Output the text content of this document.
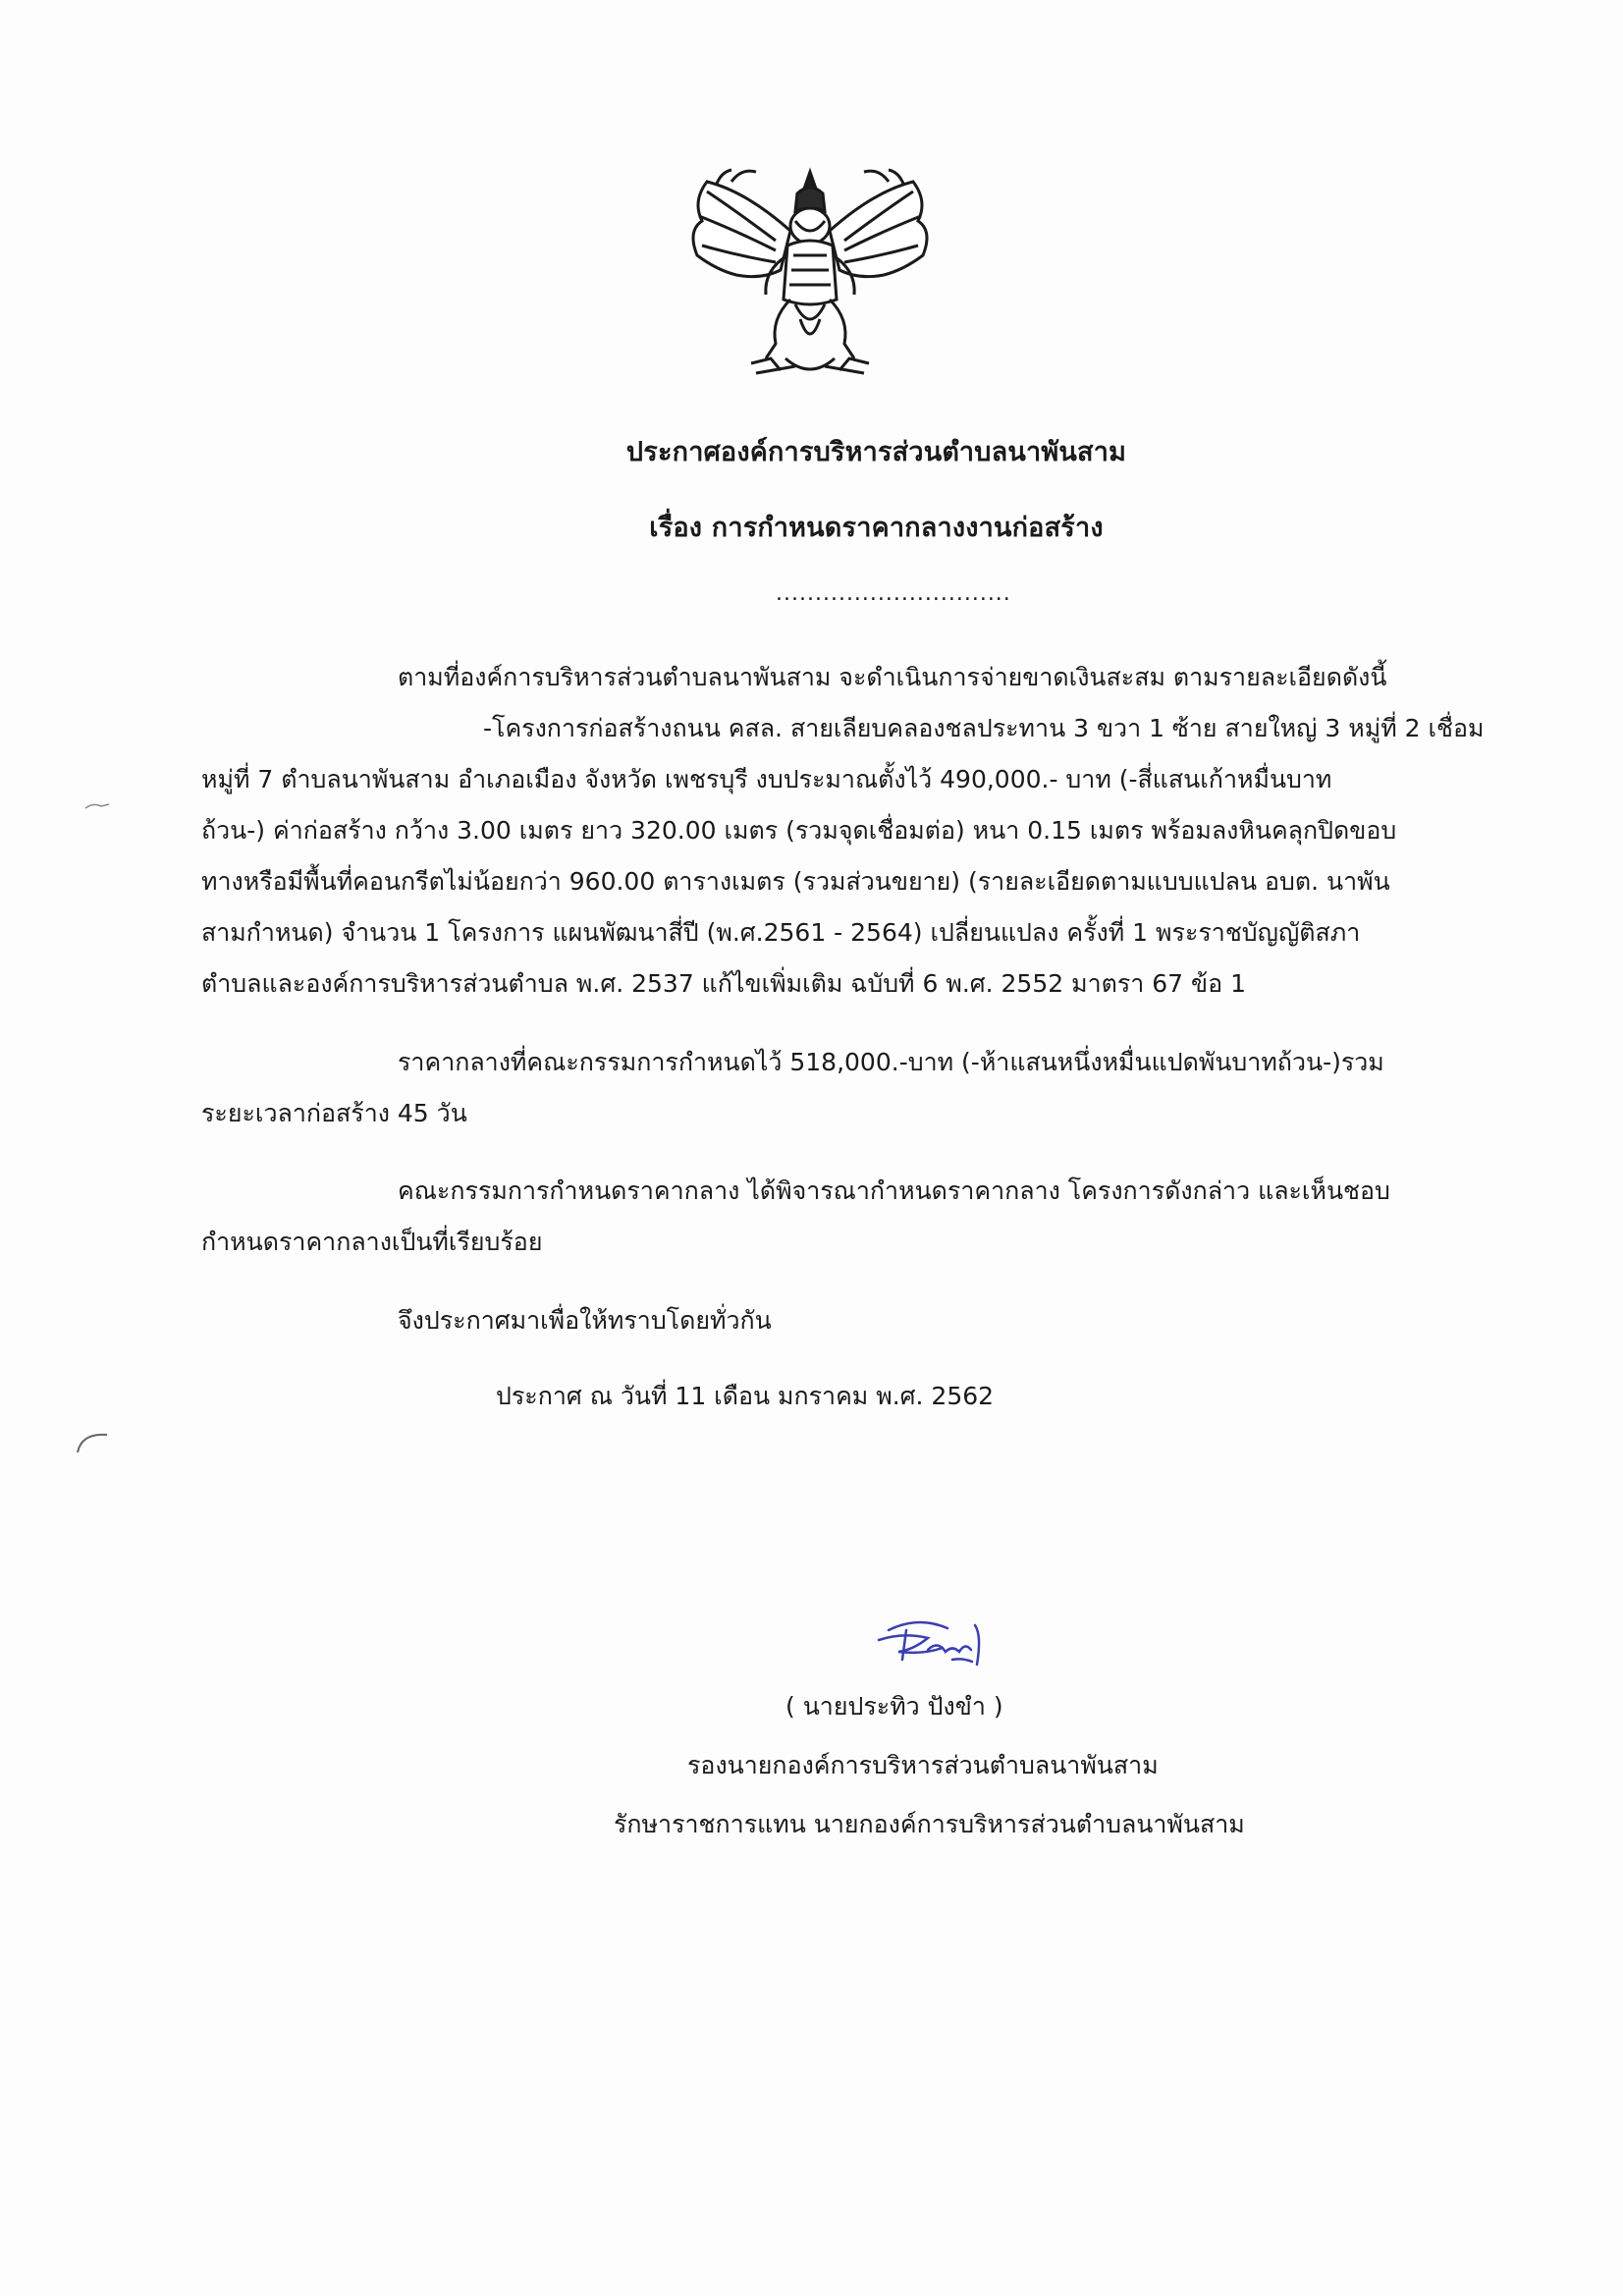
ประกาศองค์การบริหารส่วนตำบลนาพันสาม
เรื่อง การกำหนดราคากลางงานก่อสร้าง
..............................
ตามที่องค์การบริหารส่วนตำบลนาพันสาม จะดำเนินการจ่ายขาดเงินสะสม ตามรายละเอียดดังนี้
-โครงการก่อสร้างถนน คสล. สายเลียบคลองชลประทาน 3 ขวา 1 ซ้าย สายใหญ่ 3 หมู่ที่ 2 เชื่อม
หมู่ที่ 7 ตำบลนาพันสาม อำเภอเมือง จังหวัด เพชรบุรี งบประมาณตั้งไว้ 490,000.- บาท (-สี่แสนเก้าหมื่นบาท
ถ้วน-) ค่าก่อสร้าง กว้าง 3.00 เมตร ยาว 320.00 เมตร (รวมจุดเชื่อมต่อ) หนา 0.15 เมตร พร้อมลงหินคลุกปิดขอบ
ทางหรือมีพื้นที่คอนกรีตไม่น้อยกว่า 960.00 ตารางเมตร (รวมส่วนขยาย) (รายละเอียดตามแบบแปลน อบต. นาพัน
สามกำหนด) จำนวน 1 โครงการ แผนพัฒนาสี่ปี (พ.ศ.2561 - 2564) เปลี่ยนแปลง ครั้งที่ 1 พระราชบัญญัติสภา
ตำบลและองค์การบริหารส่วนตำบล พ.ศ. 2537 แก้ไขเพิ่มเติม ฉบับที่ 6 พ.ศ. 2552 มาตรา 67 ข้อ 1
ราคากลางที่คณะกรรมการกำหนดไว้ 518,000.-บาท (-ห้าแสนหนึ่งหมื่นแปดพันบาทถ้วน-)รวม
ระยะเวลาก่อสร้าง 45 วัน
คณะกรรมการกำหนดราคากลาง ได้พิจารณากำหนดราคากลาง โครงการดังกล่าว และเห็นชอบ
กำหนดราคากลางเป็นที่เรียบร้อย
จึงประกาศมาเพื่อให้ทราบโดยทั่วกัน
ประกาศ ณ วันที่ 11 เดือน มกราคม พ.ศ. 2562
( นายประทิว ปังขำ )
รองนายกองค์การบริหารส่วนตำบลนาพันสาม
รักษาราชการแทน นายกองค์การบริหารส่วนตำบลนาพันสาม
